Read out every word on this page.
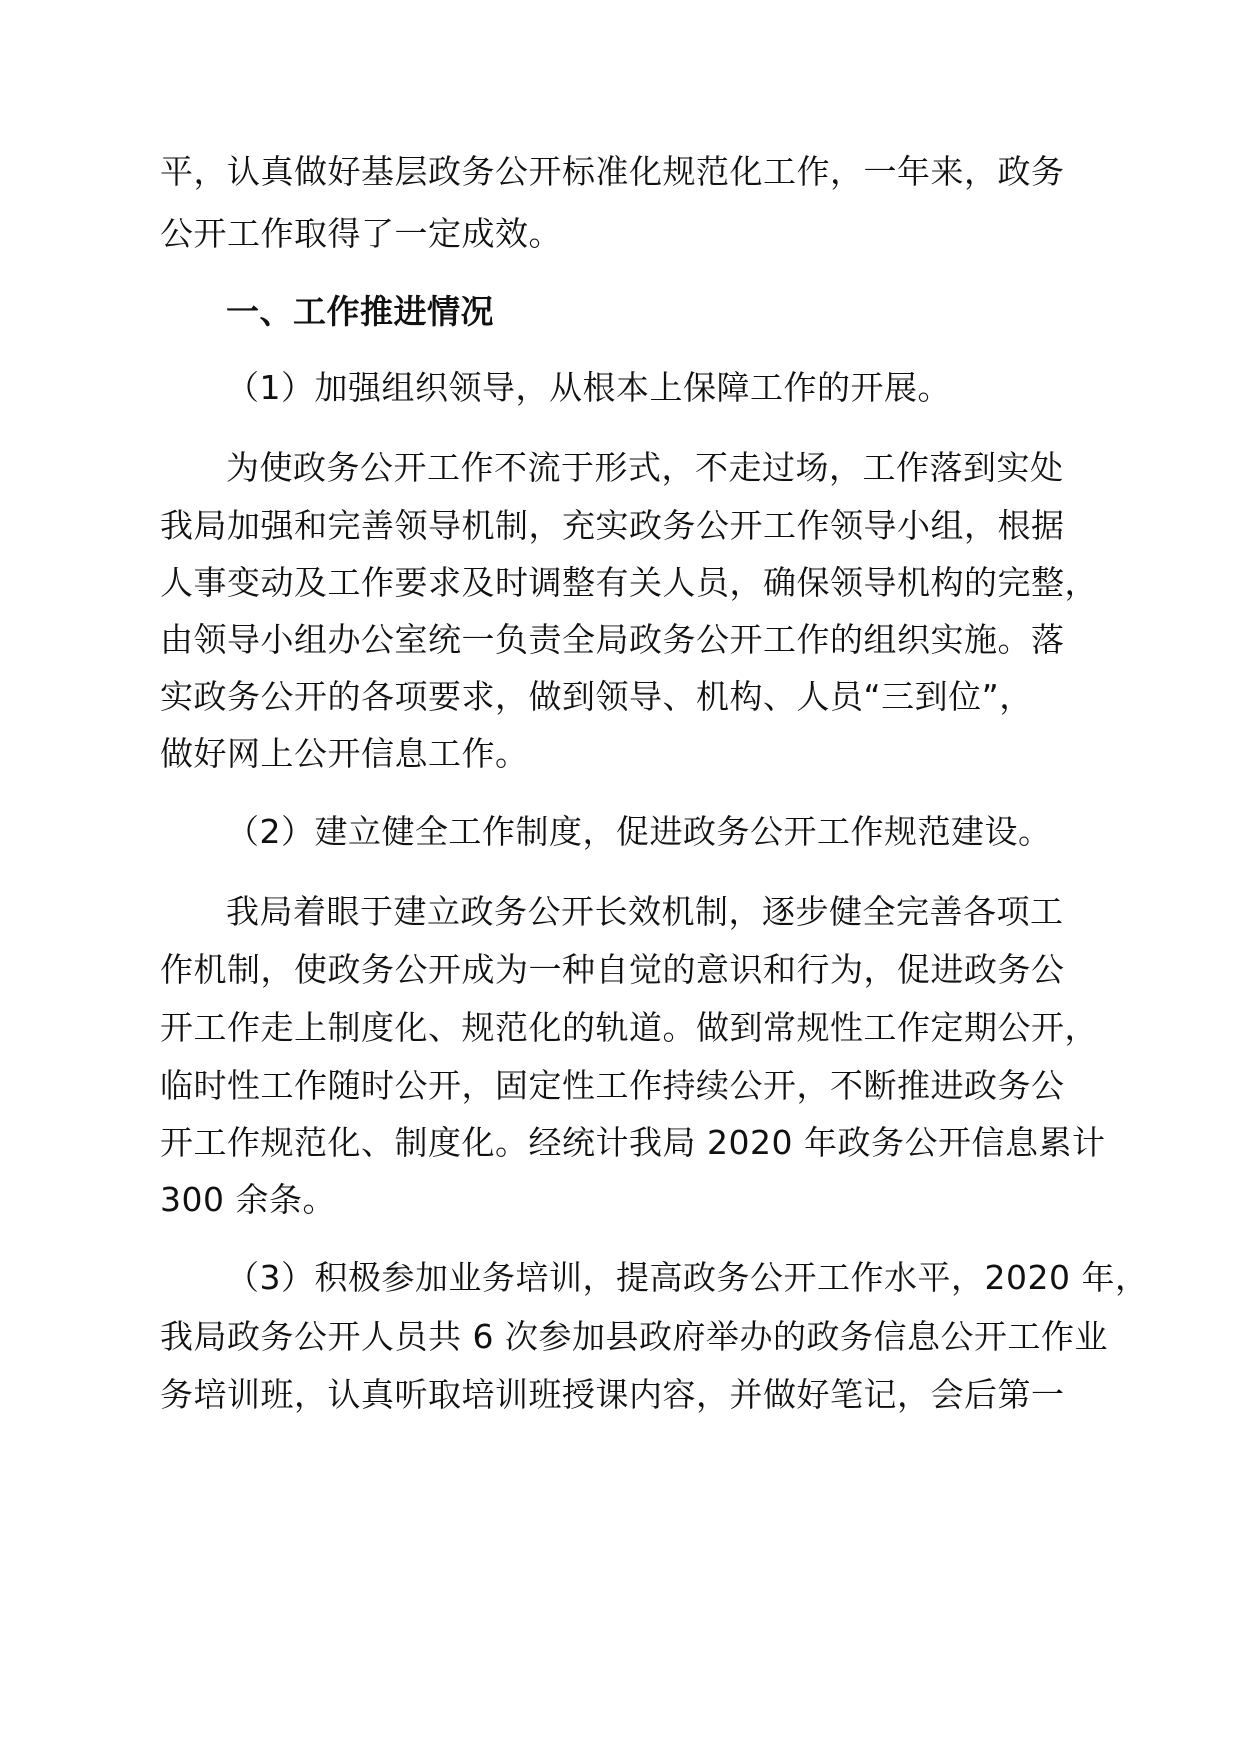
平，认真做好基层政务公开标准化规范化工作，一年来，政务
公开工作取得了一定成效。
一、工作推进情况
（1）加强组织领导，从根本上保障工作的开展。
为使政务公开工作不流于形式，不走过场，工作落到实处
我局加强和完善领导机制，充实政务公开工作领导小组，根据
人事变动及工作要求及时调整有关人员，确保领导机构的完整，
由领导小组办公室统一负责全局政务公开工作的组织实施。落
实政务公开的各项要求，做到领导、机构、人员“三到位”，
做好网上公开信息工作。
（2）建立健全工作制度，促进政务公开工作规范建设。
我局着眼于建立政务公开长效机制，逐步健全完善各项工
作机制，使政务公开成为一种自觉的意识和行为，促进政务公
开工作走上制度化、规范化的轨道。做到常规性工作定期公开，
临时性工作随时公开，固定性工作持续公开，不断推进政务公
开工作规范化、制度化。经统计我局 2020 年政务公开信息累计
300 余条。
（3）积极参加业务培训，提高政务公开工作水平，2020 年，
我局政务公开人员共 6 次参加县政府举办的政务信息公开工作业
务培训班，认真听取培训班授课内容，并做好笔记，会后第一
